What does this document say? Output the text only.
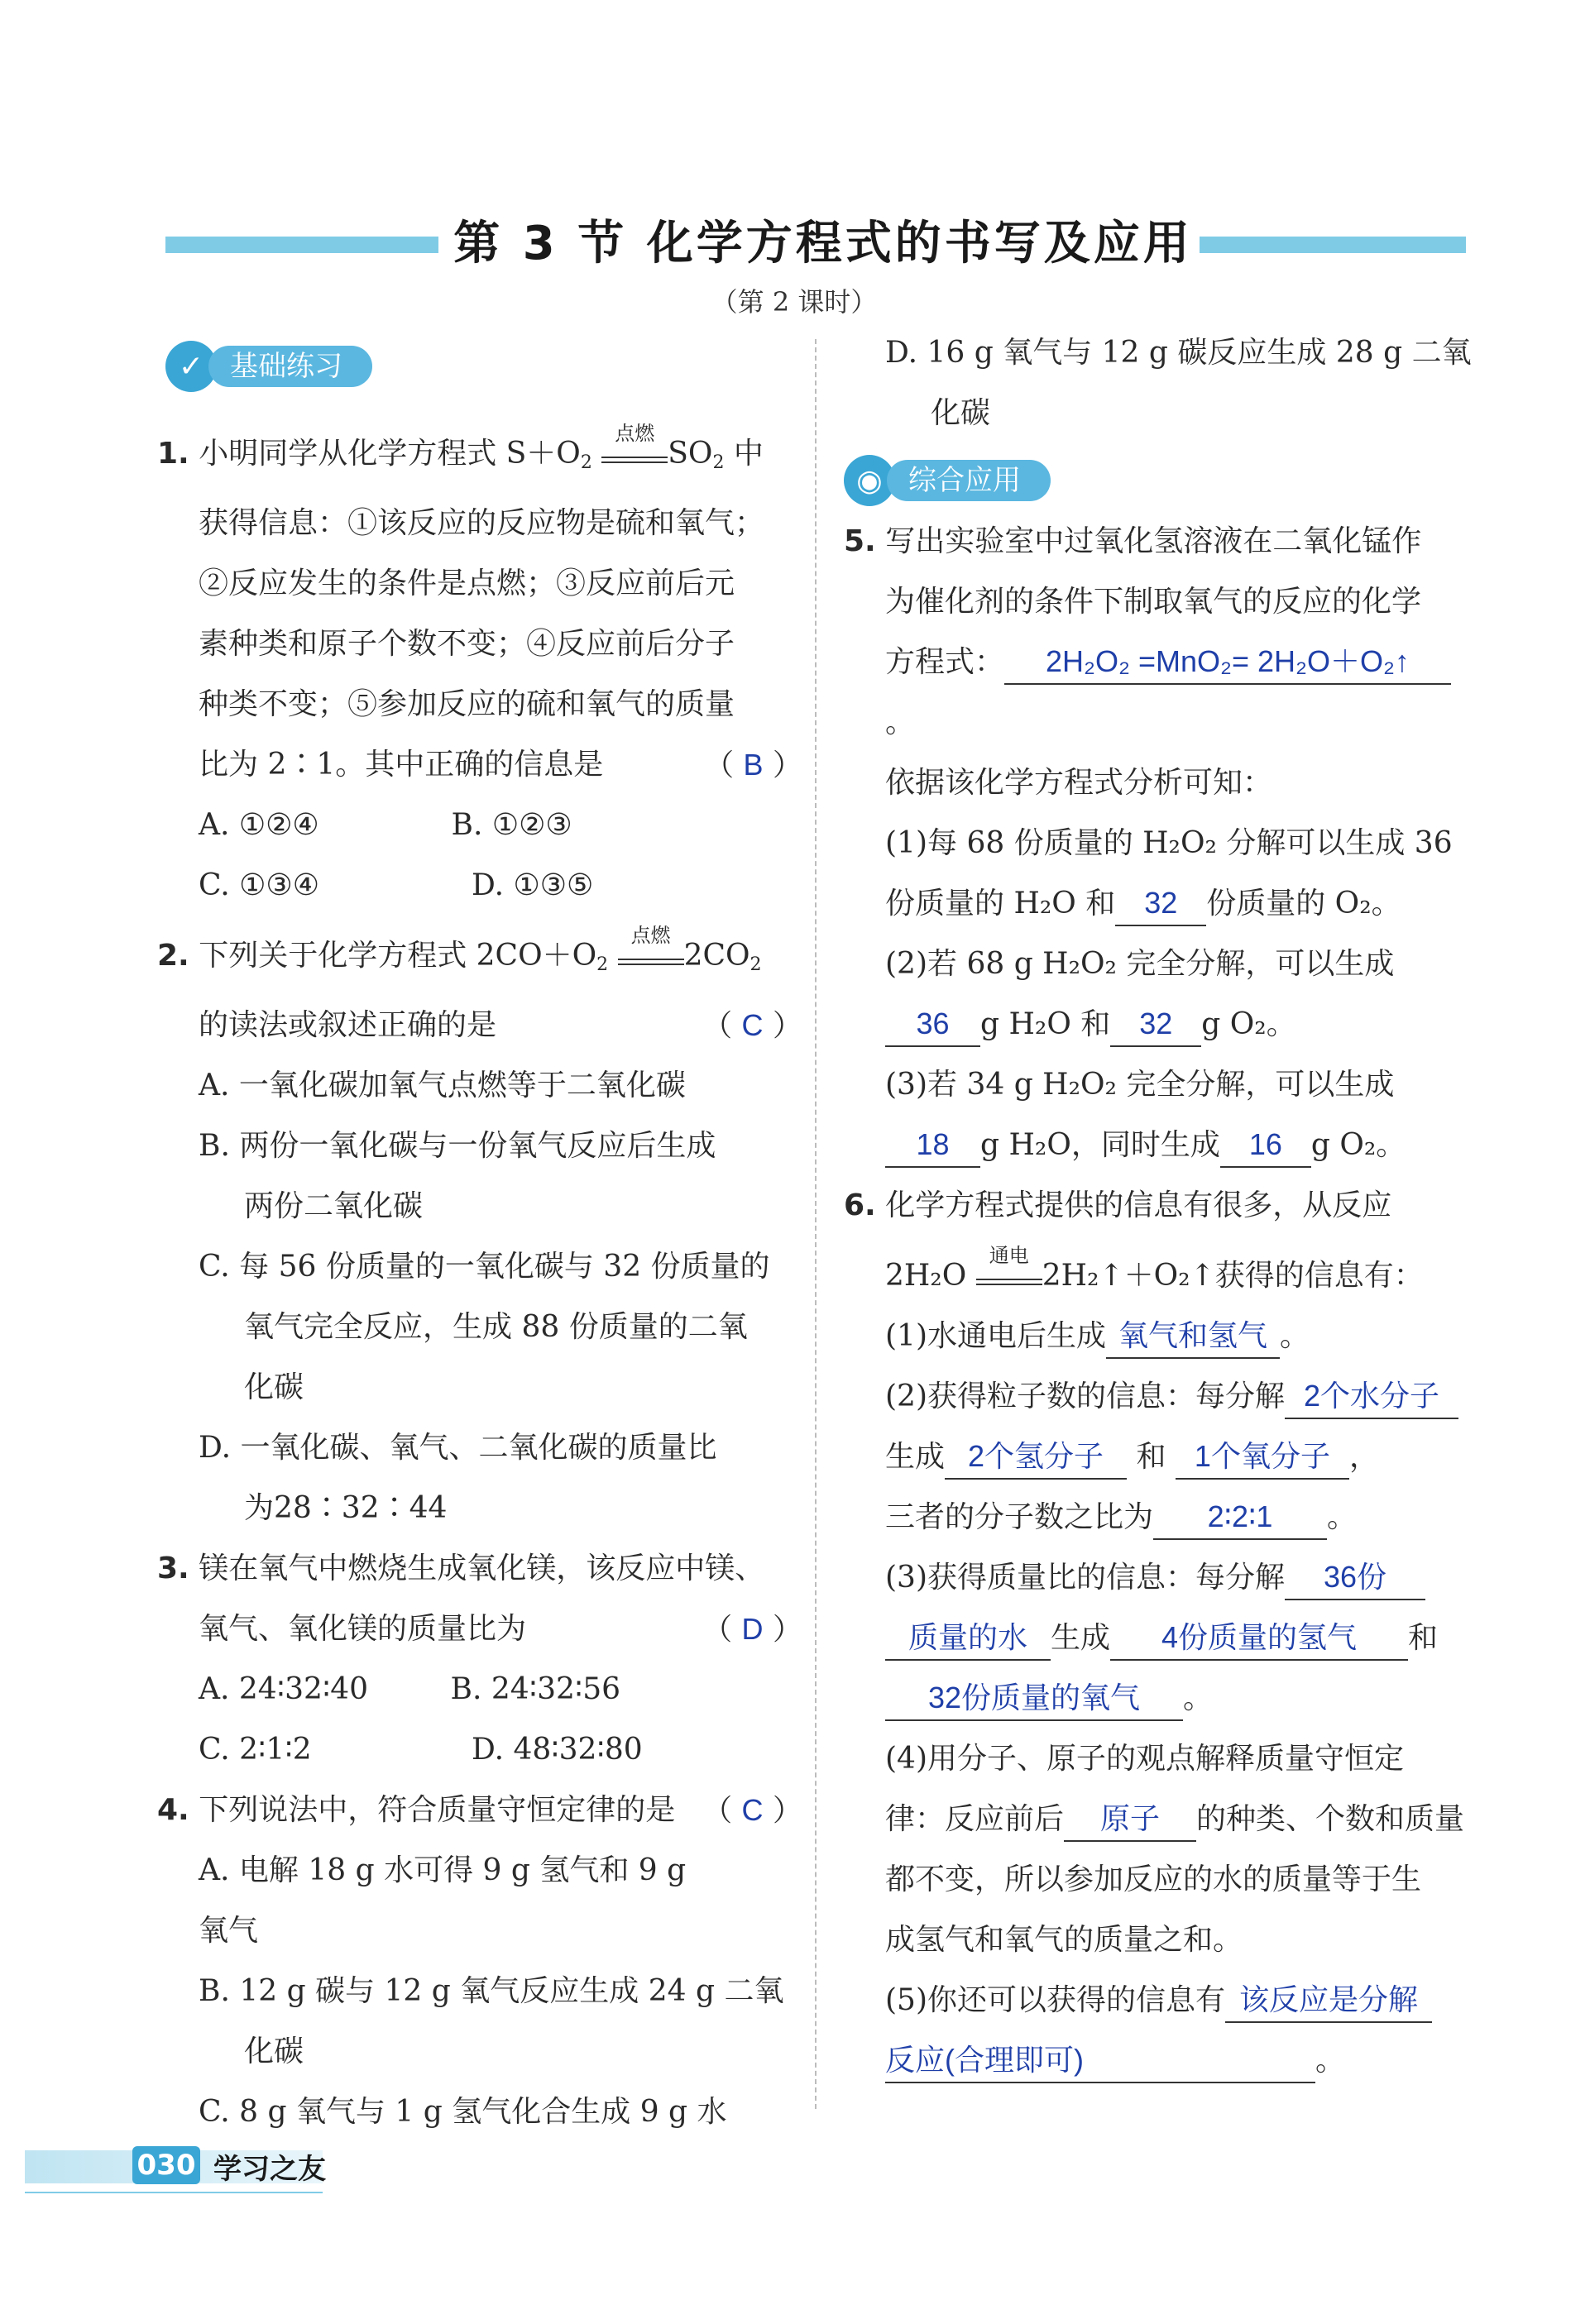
第 3 节 化学方程式的书写及应用
（第 2 课时）
✓ 基础练习
1. 小明同学从化学方程式 $S+O_2$
点燃
$SO_2$ 中
获得信息：①该反应的反应物是硫和氧气；
②反应发生的条件是点燃；③反应前后元
素种类和原子个数不变；④反应前后分子
种类不变；⑤参加反应的硫和氧气的质量
比为 2∶1。其中正确的信息是	（ B ）
A. ①②④	B. ①②③
C. ①③④	D. ①③⑤
2. 下列关于化学方程式 $2CO+O_2$
点燃
$2CO_2$
的读法或叙述正确的是	（ C ）
A. 一氧化碳加氧气点燃等于二氧化碳
B. 两份一氧化碳与一份氧气反应后生成
两份二氧化碳
C. 每 56 份质量的一氧化碳与 32 份质量的
氧气完全反应，生成 88 份质量的二氧
化碳
D. 一氧化碳、氧气、二氧化碳的质量比
为28∶32∶44
3. 镁在氧气中燃烧生成氧化镁，该反应中镁、
氧气、氧化镁的质量比为	（ D ）
A. 24∶32∶40	B. 24∶32∶56
C. 2∶1∶2	D. 48∶32∶80
4. 下列说法中，符合质量守恒定律的是 （ C ）
A. 电解 18 g 水可得 9 g 氢气和 9 g 氧气
B. 12 g 碳与 12 g 氧气反应生成 24 g 二氧
化碳
C. 8 g 氧气与 1 g 氢气化合生成 9 g 水
D. 16 g 氧气与 12 g 碳反应生成 28 g 二氧
化碳
◉ 综合应用
5. 写出实验室中过氧化氢溶液在二氧化锰作
为催化剂的条件下制取氧气的反应的化学
方程式： 2H₂O₂ =MnO₂= 2H₂O＋O₂↑。
依据该化学方程式分析可知：
(1)每 68 份质量的 H₂O₂ 分解可以生成 36
份质量的 H₂O 和 32 份质量的 O₂。
(2)若 68 g H₂O₂ 完全分解，可以生成
36 g H₂O 和 32 g O₂。
(3)若 34 g H₂O₂ 完全分解，可以生成
18 g H₂O，同时生成 16 g O₂。
6. 化学方程式提供的信息有很多，从反应
2H₂O
通电
2H₂↑＋O₂↑获得的信息有：
(1)水通电后生成 氧气和氢气 。
(2)获得粒子数的信息：每分解 2个水分子
生成 2个氢分子 和 1个氧分子 ，
三者的分子数之比为 2∶2∶1 。
(3)获得质量比的信息：每分解 36份
质量的水 生成 4份质量的氢气 和
32份质量的氧气 。
(4)用分子、原子的观点解释质量守恒定
律：反应前后 原子 的种类、个数和质量
都不变，所以参加反应的水的质量等于生
成氢气和氧气的质量之和。
(5)你还可以获得的信息有 该反应是分解
反应(合理即可)	。
030 学习之友
